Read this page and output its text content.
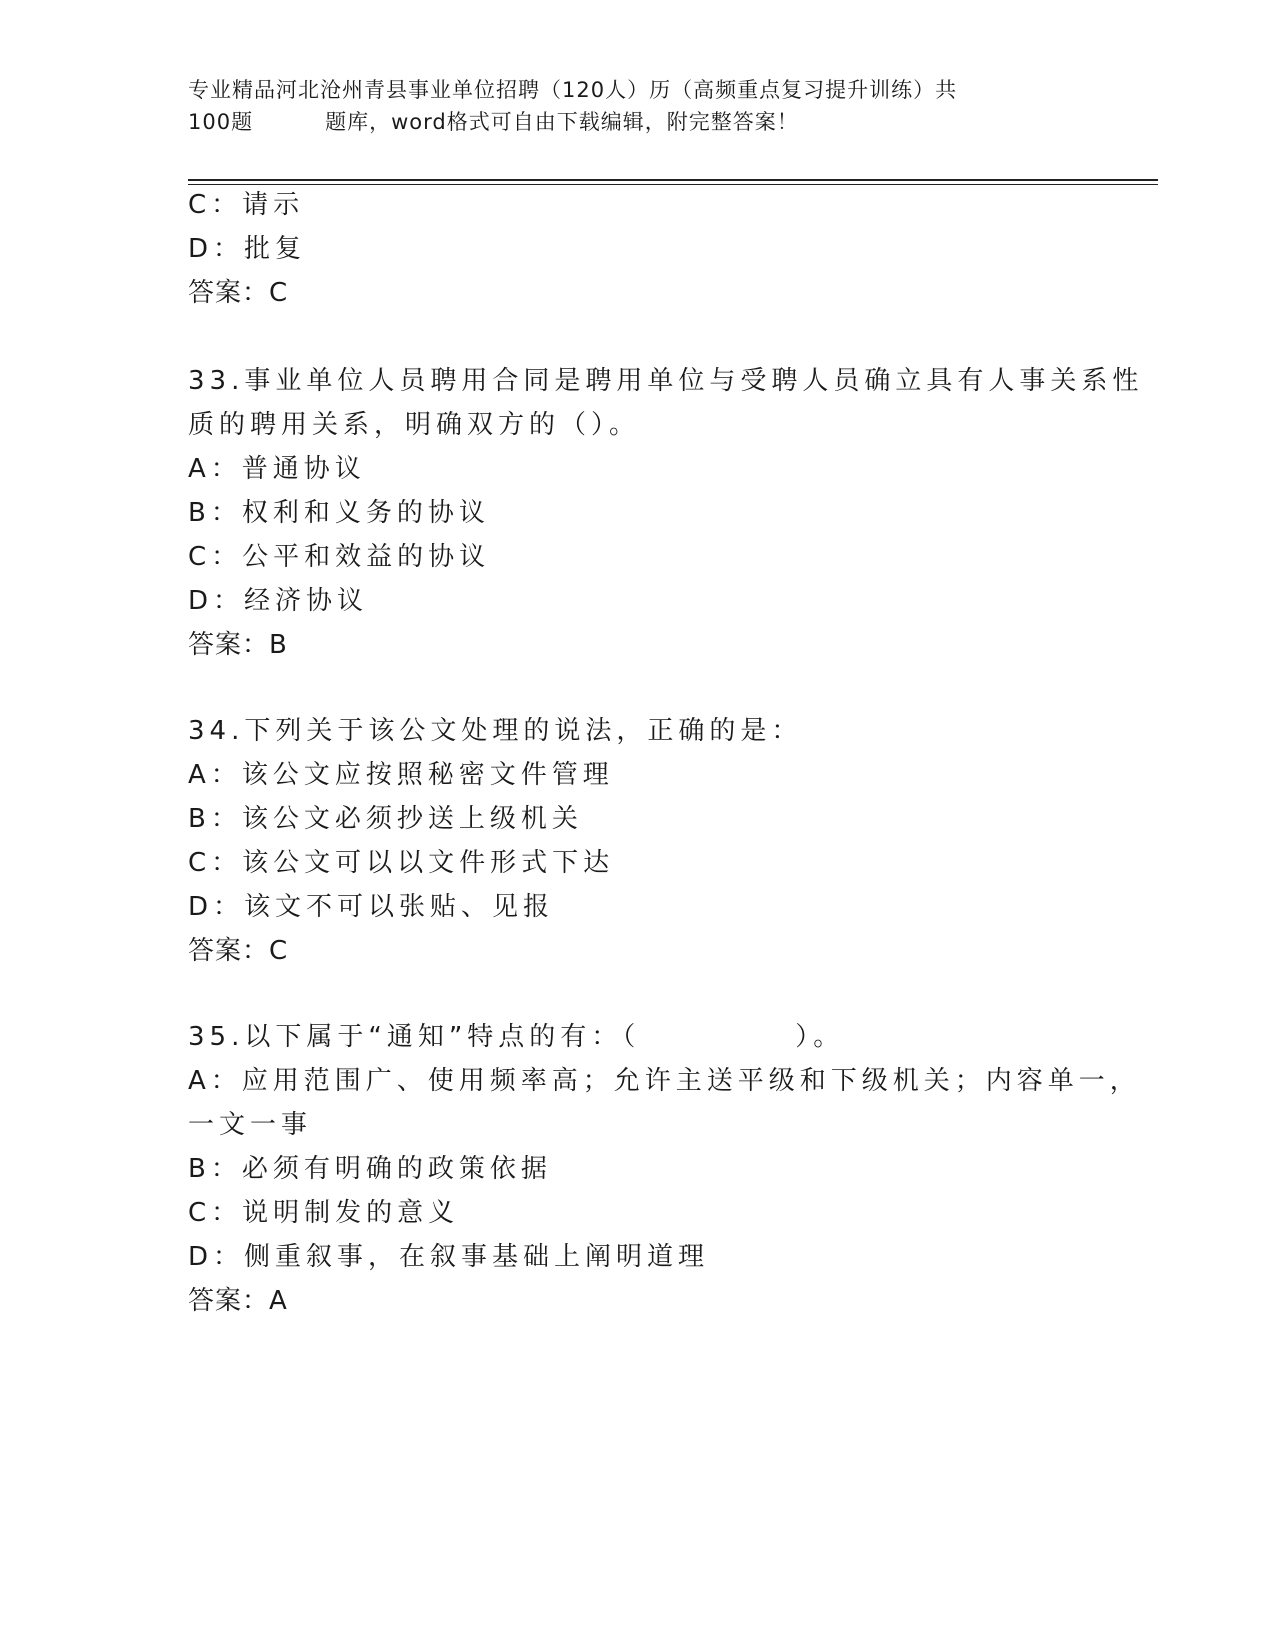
专业精品河北沧州青县事业单位招聘（120人）历（高频重点复习提升训练）共
100题	题库，word格式可自由下载编辑，附完整答案！
C：请示
D：批复
答案：C
33.事业单位人员聘用合同是聘用单位与受聘人员确立具有人事关系性
质的聘用关系，明确双方的（）。
A：普通协议
B：权利和义务的协议
C：公平和效益的协议
D：经济协议
答案：B
34.下列关于该公文处理的说法，正确的是：
A：该公文应按照秘密文件管理
B：该公文必须抄送上级机关
C：该公文可以以文件形式下达
D：该文不可以张贴、见报
答案：C
35.以下属于“通知”特点的有：（　　　　　）。
A：应用范围广、使用频率高；允许主送平级和下级机关；内容单一，
一文一事
B：必须有明确的政策依据
C：说明制发的意义
D：侧重叙事，在叙事基础上阐明道理
答案：A
